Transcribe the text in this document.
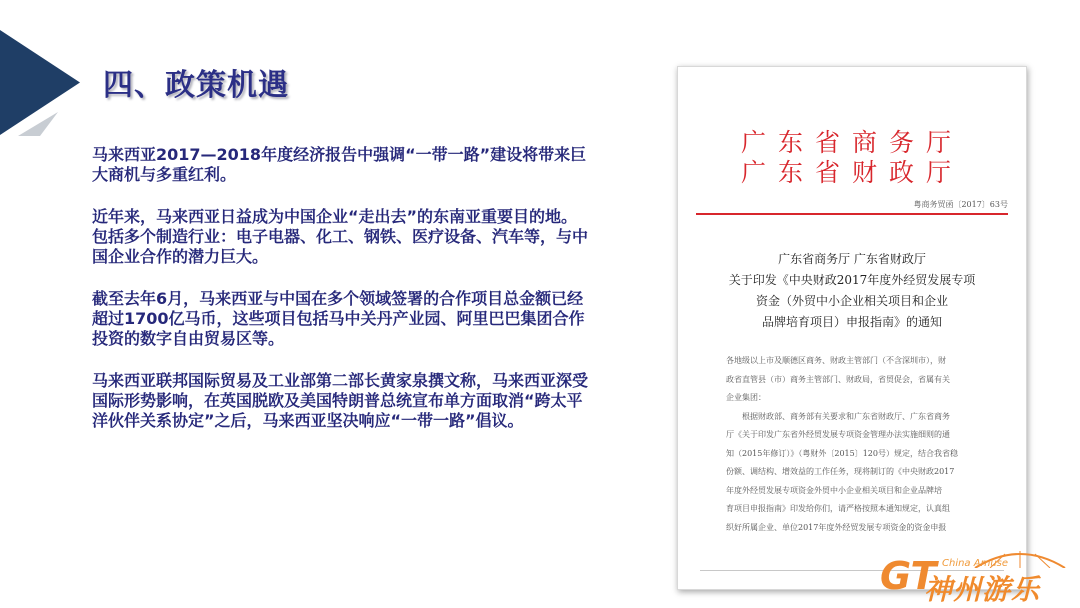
四、政策机遇

马来西亚2017—2018年度经济报告中强调“一带一路”建设将带来巨大商机与多重红利。

近年来，马来西亚日益成为中国企业“走出去”的东南亚重要目的地。包括多个制造行业：电子电器、化工、钢铁、医疗设备、汽车等，与中国企业合作的潜力巨大。

截至去年6月，马来西亚与中国在多个领域签署的合作项目总金额已经超过1700亿马币，这些项目包括马中关丹产业园、阿里巴巴集团合作投资的数字自由贸易区等。

马来西亚联邦国际贸易及工业部第二部长黄家泉撰文称，马来西亚深受国际形势影响，在英国脱欧及美国特朗普总统宣布单方面取消“跨太平洋伙伴关系协定”之后，马来西亚坚决响应“一带一路”倡议。

广东省商务厅
广东省财政厅
粤商务贸函〔2017〕63号
广东省商务厅 广东省财政厅
关于印发《中央财政2017年度外经贸发展专项
资金（外贸中小企业相关项目和企业
品牌培育项目）申报指南》的通知

各地级以上市及顺德区商务、财政主管部门（不含深圳市），财

政省直管县（市）商务主管部门、财政局，省贸促会，省属有关

企业集团：

　　根据财政部、商务部有关要求和广东省财政厅、广东省商务

厅《关于印发广东省外经贸发展专项资金管理办法实施细则的通

知（2015年修订）》（粤财外〔2015〕120号）规定，结合我省稳

份额、调结构、增效益的工作任务，现将制订的《中央财政2017

年度外经贸发展专项资金外贸中小企业相关项目和企业品牌培

育项目申报指南》印发给你们，请严格按照本通知规定，认真组

织好所属企业、单位2017年度外经贸发展专项资金的资金申报

GT China Amuse
神州游乐
